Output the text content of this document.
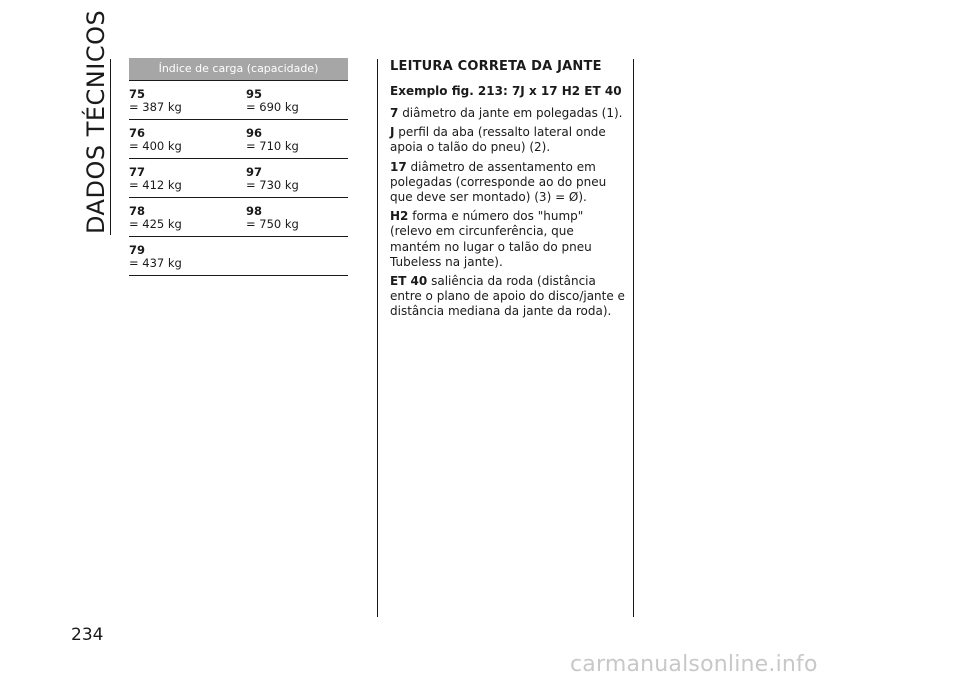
DADOS TÉCNICOS
234
Índice de carga (capacidade)
75
= 387 kg
95
= 690 kg
76
= 400 kg
96
= 710 kg
77
= 412 kg
97
= 730 kg
78
= 425 kg
98
= 750 kg
79
= 437 kg
LEITURA CORRETA DA JANTE
Exemplo fig. 213: 7J x 17 H2 ET 40

7 diâmetro da jante em polegadas (1).

J perfil da aba (ressalto lateral onde apoia o talão do pneu) (2).

17 diâmetro de assentamento em polegadas (corresponde ao do pneu que deve ser montado) (3) = Ø).

H2 forma e número dos "hump" (relevo em circunferência, que mantém no lugar o talão do pneu Tubeless na jante).

ET 40 saliência da roda (distância entre o plano de apoio do disco/jante e distância mediana da jante da roda).

carmanualsonline.info
